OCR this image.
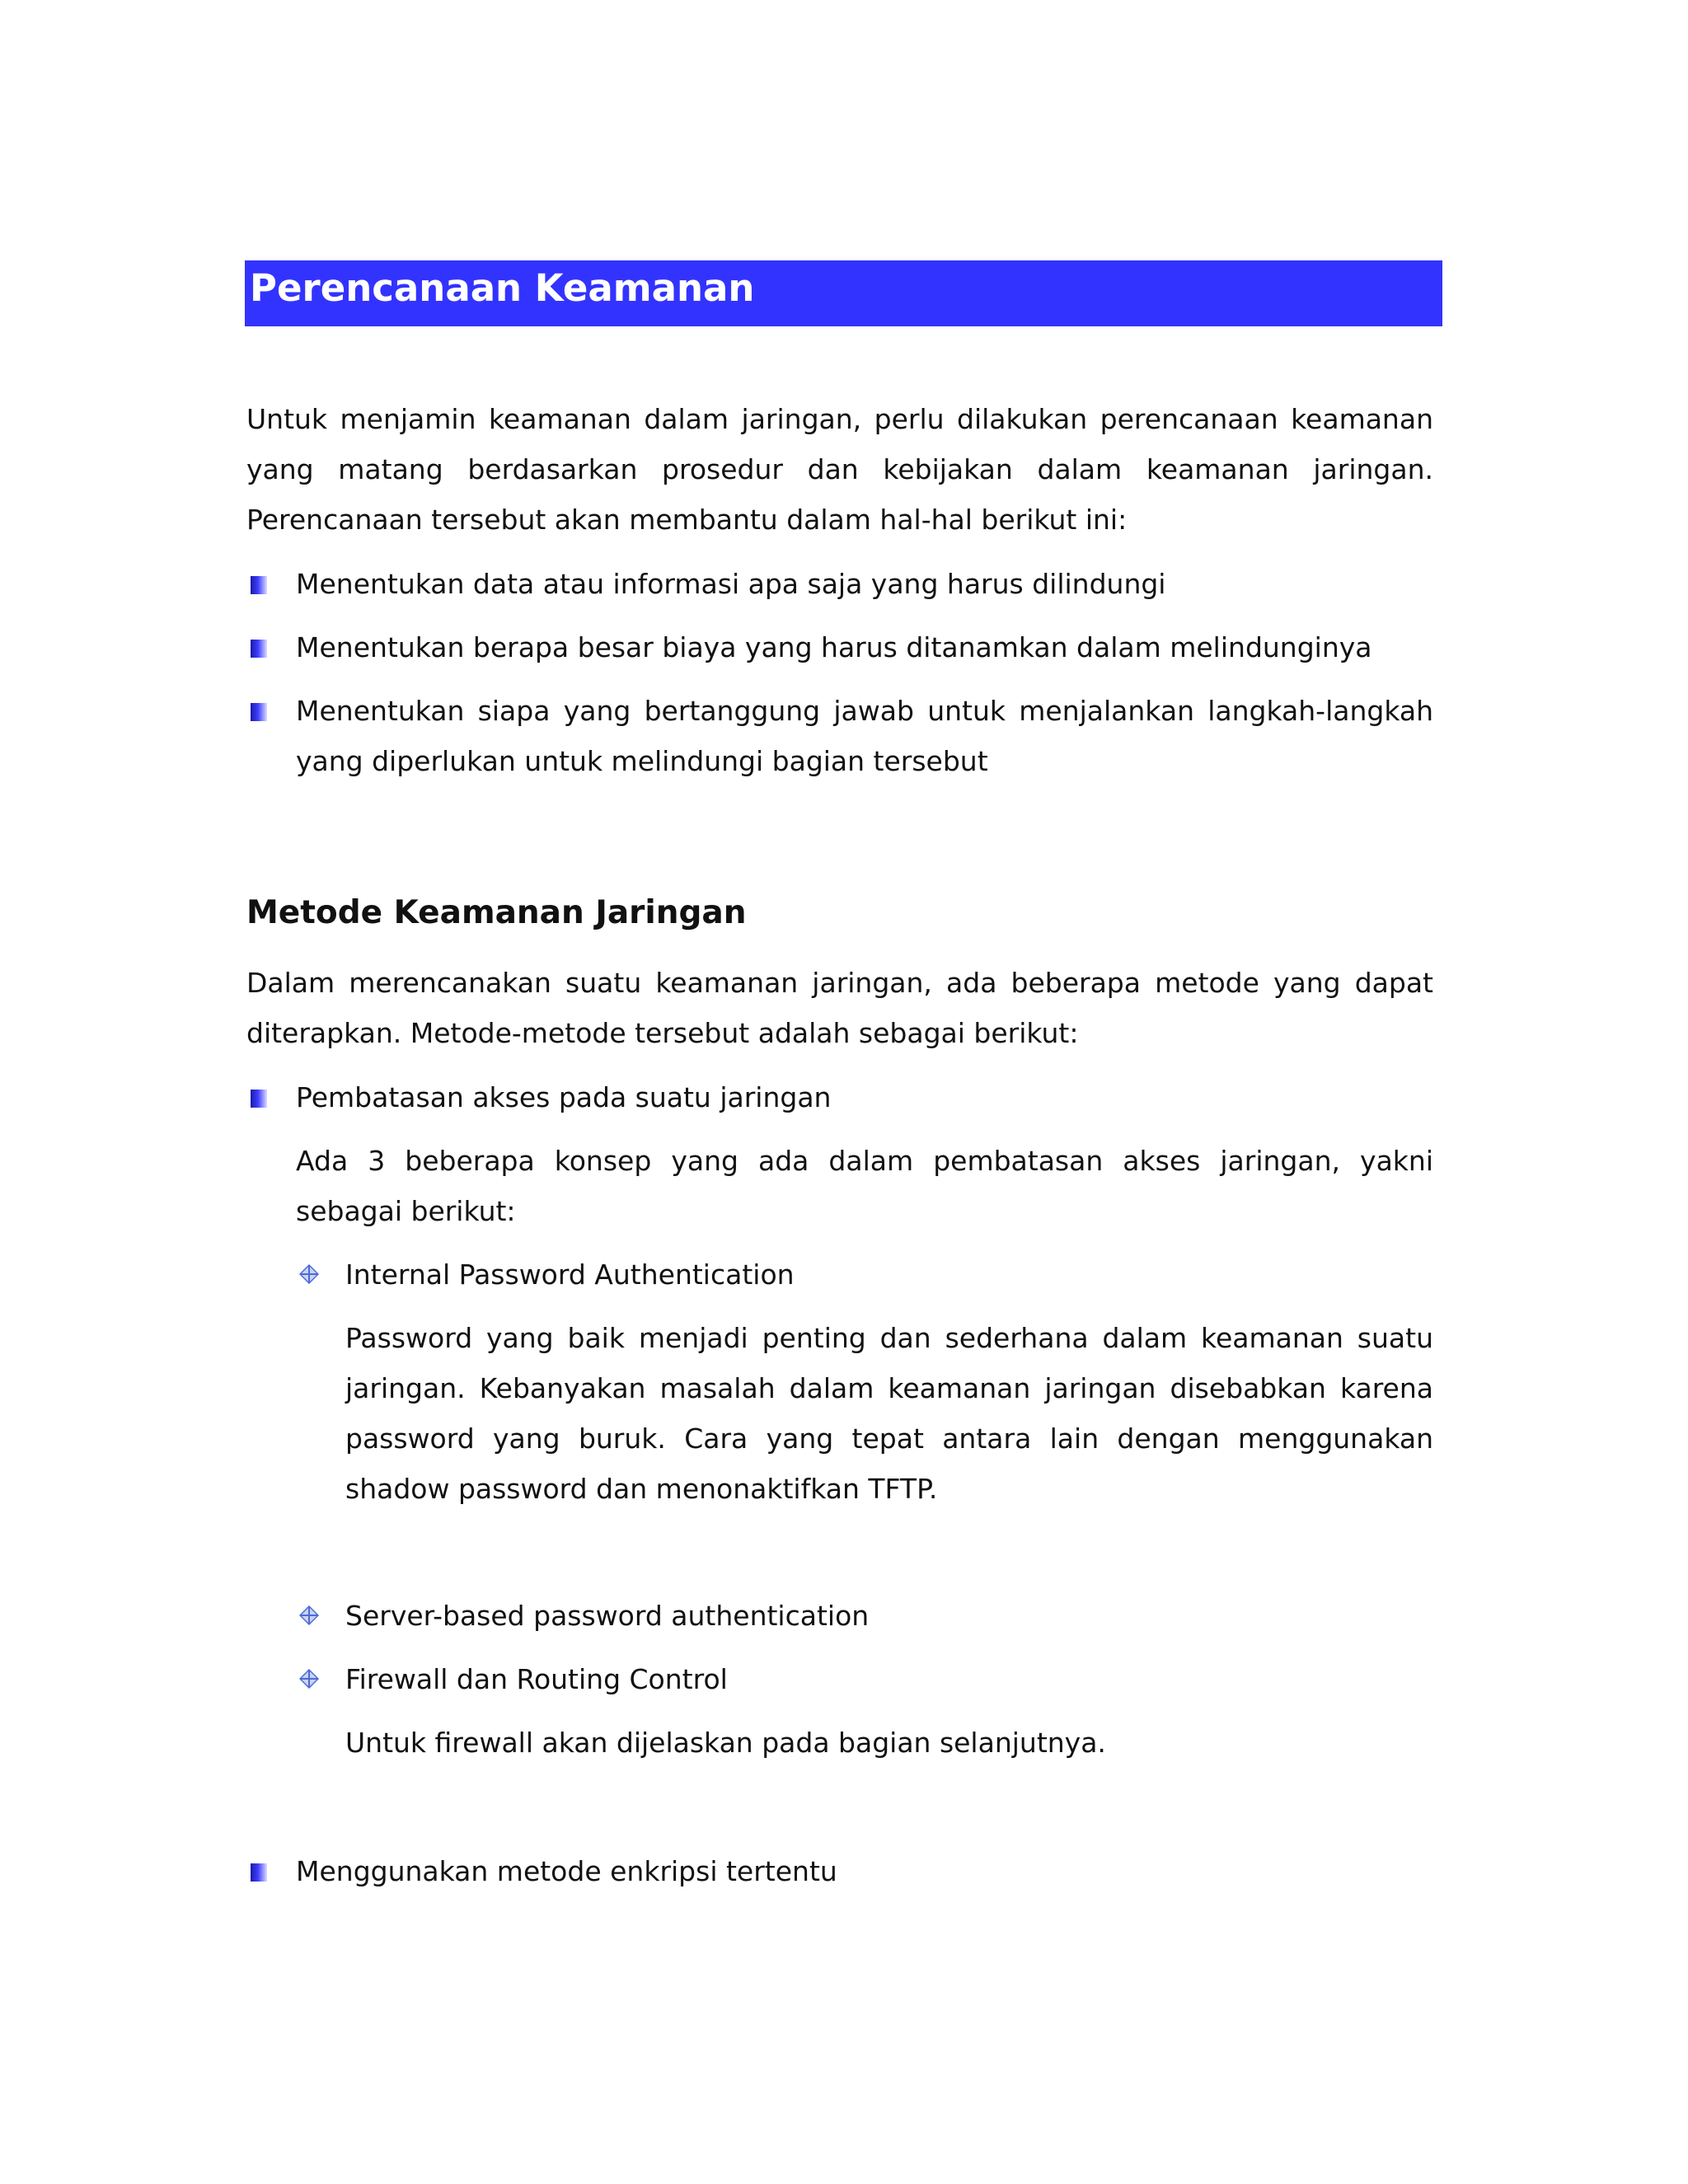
Perencanaan Keamanan
Untuk menjamin keamanan dalam jaringan, perlu dilakukan perencanaan keamanan yang matang berdasarkan prosedur dan kebijakan dalam keamanan jaringan. Perencanaan tersebut akan membantu dalam hal-hal berikut ini:
Menentukan data atau informasi apa saja yang harus dilindungi
Menentukan berapa besar biaya yang harus ditanamkan dalam melindunginya
Menentukan siapa yang bertanggung jawab untuk menjalankan langkah-langkah yang diperlukan untuk melindungi bagian tersebut
Metode Keamanan Jaringan
Dalam merencanakan suatu keamanan jaringan, ada beberapa metode yang dapat diterapkan. Metode-metode tersebut adalah sebagai berikut:
Pembatasan akses pada suatu jaringan
Ada 3 beberapa konsep yang ada dalam pembatasan akses jaringan, yakni sebagai berikut:
Internal Password Authentication
Password yang baik menjadi penting dan sederhana dalam keamanan suatu jaringan. Kebanyakan masalah dalam keamanan jaringan disebabkan karena password yang buruk. Cara yang tepat antara lain dengan menggunakan shadow password dan menonaktifkan TFTP.
Server-based password authentication
Firewall dan Routing Control
Untuk firewall akan dijelaskan pada bagian selanjutnya.
Menggunakan metode enkripsi tertentu
